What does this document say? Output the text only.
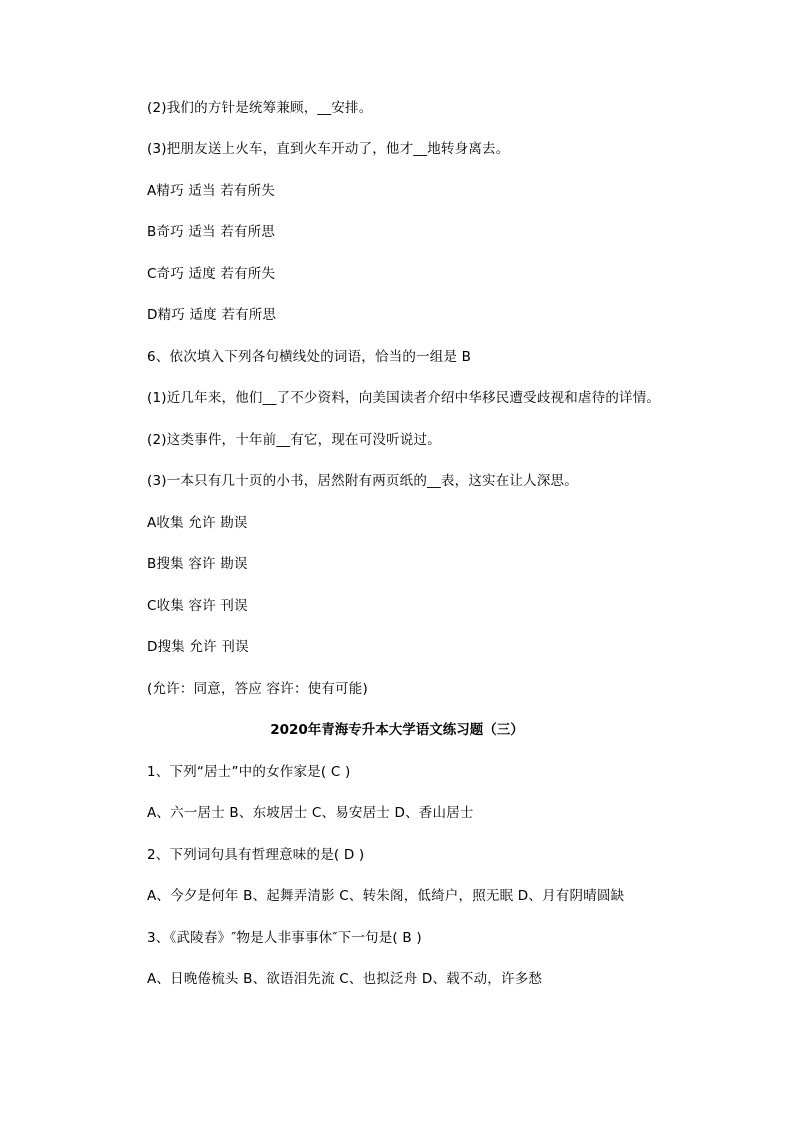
(2)我们的方针是统筹兼顾，__安排。
(3)把朋友送上火车，直到火车开动了，他才__地转身离去。
A精巧 适当 若有所失
B奇巧 适当 若有所思
C奇巧 适度 若有所失
D精巧 适度 若有所思
6、依次填入下列各句横线处的词语，恰当的一组是 B
(1)近几年来，他们__了不少资料，向美国读者介绍中华移民遭受歧视和虐待的详情。
(2)这类事件，十年前__有它，现在可没听说过。
(3)一本只有几十页的小书，居然附有两页纸的__表，这实在让人深思。
A收集 允许 勘误
B搜集 容许 勘误
C收集 容许 刊误
D搜集 允许 刊误
(允许：同意，答应 容许：使有可能)
2020年青海专升本大学语文练习题（三）
1、下列“居士”中的女作家是( C )
A、六一居士 B、东坡居士 C、易安居士 D、香山居士
2、下列词句具有哲理意味的是( D )
A、今夕是何年 B、起舞弄清影 C、转朱阁，低绮户，照无眠 D、月有阴晴圆缺
3、《武陵春》″物是人非事事休″下一句是( B )
A、日晚倦梳头 B、欲语泪先流 C、也拟泛舟 D、载不动，许多愁
